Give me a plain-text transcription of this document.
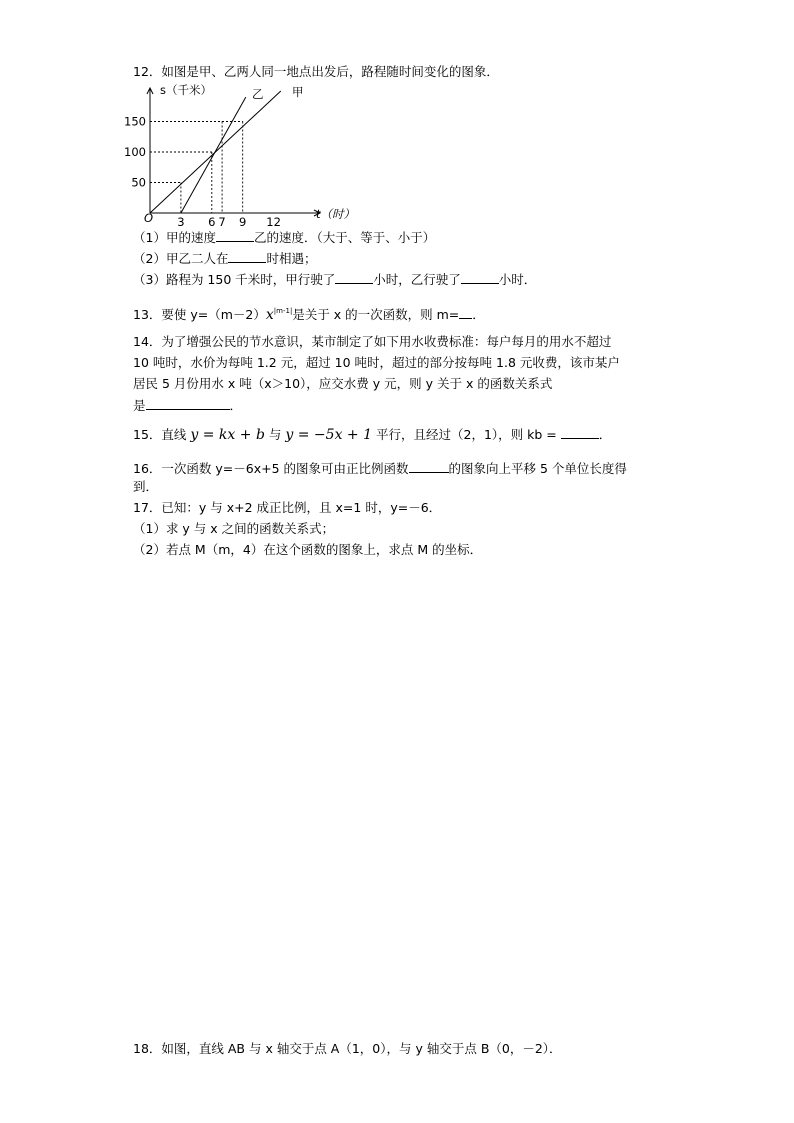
12．如图是甲、乙两人同一地点出发后，路程随时间变化的图象．
3 6 7 9 12
150
100
50
s（千米）
t（时）
O
乙 甲
（1）甲的速度	乙的速度．（大于、等于、小于）
（2）甲乙二人在	时相遇；
（3）路程为 150 千米时，甲行驶了	小时，乙行驶了	小时．
13．要使 $y=(m-2)x^{|m-1|}$是关于 x 的一次函数，则 m= ．
14．为了增强公民的节水意识，某市制定了如下用水收费标准：每户每月的用水不超过
10 吨时，水价为每吨 1.2 元，超过 10 吨时，超过的部分按每吨 1.8 元收费，该市某户
居民 5 月份用水 x 吨（x＞10），应交水费 y 元，则 y 关于 x 的函数关系式
是	．
15．直线 y = kx + b 与 y = −5x + 1 平行，且经过（2，1），则 kb =	．
16．一次函数 y=－6x+5 的图象可由正比例函数	的图象向上平移 5 个单位长度得
到．
17．已知：y 与 x+2 成正比例，且 x=1 时，y=－6．
（1）求 y 与 x 之间的函数关系式；
（2）若点 M（m，4）在这个函数的图象上，求点 M 的坐标．
18．如图，直线 AB 与 x 轴交于点 A（1，0），与 y 轴交于点 B（0，－2）．
